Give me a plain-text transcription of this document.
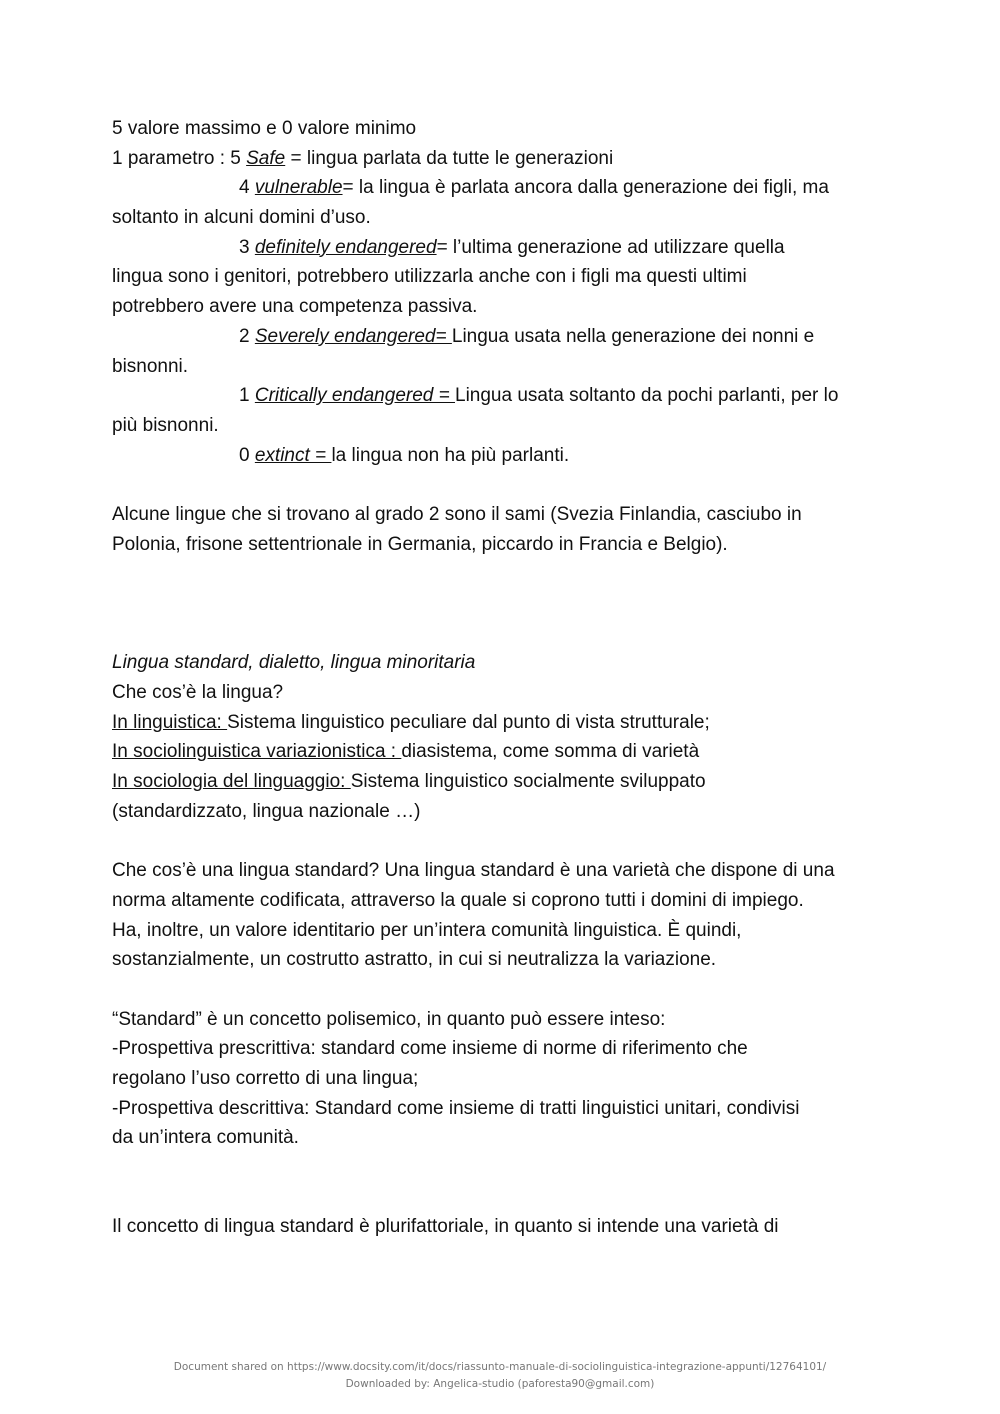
5 valore massimo e 0 valore minimo
1 parametro : 5 Safe = lingua parlata da tutte le generazioni
4 vulnerable= la lingua è parlata ancora dalla generazione dei figli, ma
soltanto in alcuni domini d’uso.
3 definitely endangered= l’ultima generazione ad utilizzare quella
lingua sono i genitori, potrebbero utilizzarla anche con i figli ma questi ultimi
potrebbero avere una competenza passiva.
2 Severely endangered= Lingua usata nella generazione dei nonni e
bisnonni.
1 Critically endangered = Lingua usata soltanto da pochi parlanti, per lo
più bisnonni.
0 extinct = la lingua non ha più parlanti.
Alcune lingue che si trovano al grado 2 sono il sami (Svezia Finlandia, casciubo in
Polonia, frisone settentrionale in Germania, piccardo in Francia e Belgio).
Lingua standard, dialetto, lingua minoritaria
Che cos’è la lingua?
In linguistica: Sistema linguistico peculiare dal punto di vista strutturale;
In sociolinguistica variazionistica : diasistema, come somma di varietà
In sociologia del linguaggio: Sistema linguistico socialmente sviluppato
(standardizzato, lingua nazionale …)
Che cos’è una lingua standard? Una lingua standard è una varietà che dispone di una
norma altamente codificata, attraverso la quale si coprono tutti i domini di impiego.
Ha, inoltre, un valore identitario per un’intera comunità linguistica. È quindi,
sostanzialmente, un costrutto astratto, in cui si neutralizza la variazione.
“Standard” è un concetto polisemico, in quanto può essere inteso:
-Prospettiva prescrittiva: standard come insieme di norme di riferimento che
regolano l’uso corretto di una lingua;
-Prospettiva descrittiva: Standard come insieme di tratti linguistici unitari, condivisi
da un’intera comunità.
Il concetto di lingua standard è plurifattoriale, in quanto si intende una varietà di
Document shared on https://www.docsity.com/it/docs/riassunto-manuale-di-sociolinguistica-integrazione-appunti/12764101/
Downloaded by: Angelica-studio (paforesta90@gmail.com)
